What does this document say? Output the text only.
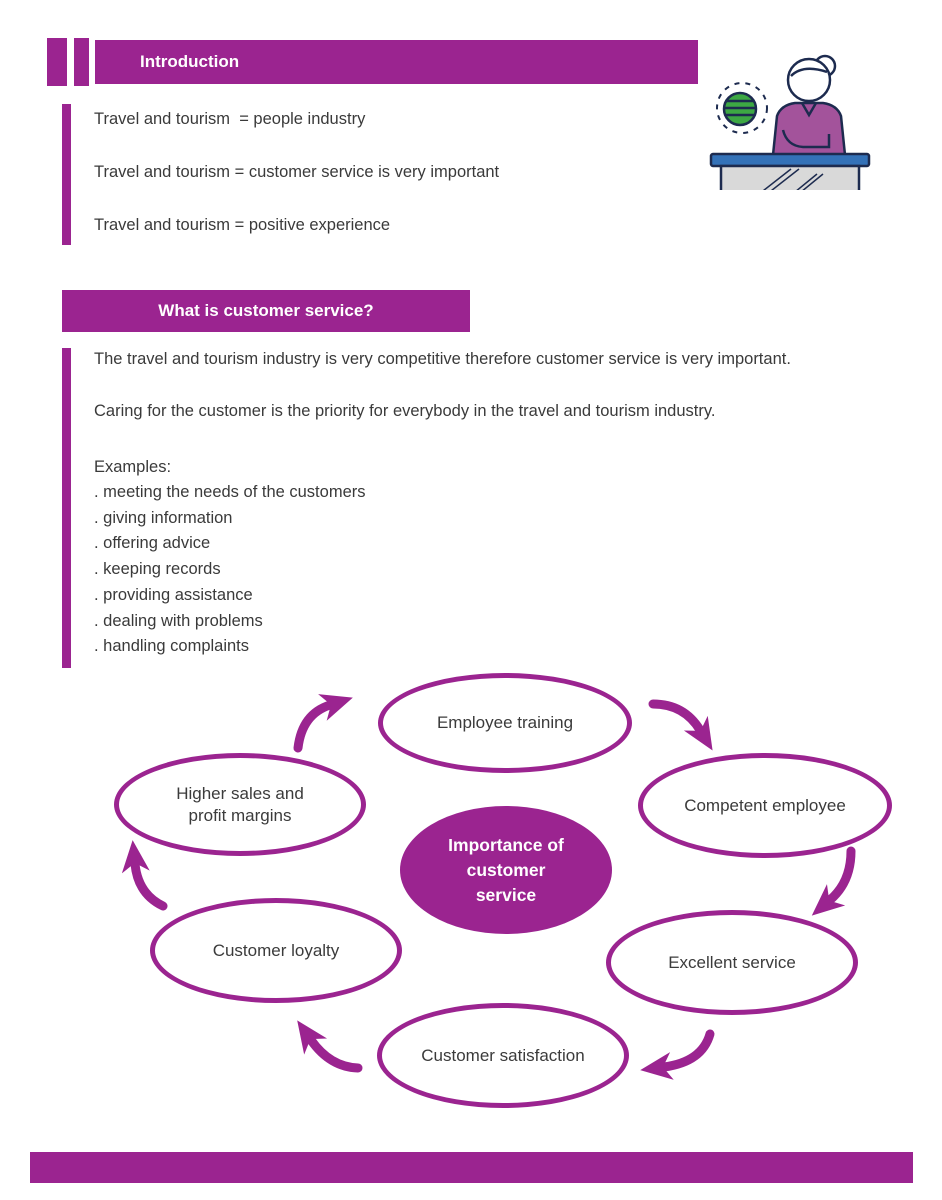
Introduction

Travel and tourism  = people industry

Travel and tourism = customer service is very important

Travel and tourism = positive experience

What is customer service?

The travel and tourism industry is very competitive therefore customer service is very important.

Caring for the customer is the priority for everybody in the travel and tourism industry.

Examples:

. meeting the needs of the customers

. giving information

. offering advice

. keeping records

. providing assistance

. dealing with problems

. handling complaints

Employee training
Competent employee
Excellent service
Customer satisfaction
Customer loyalty
Higher sales and profit margins
Importance of customer service
